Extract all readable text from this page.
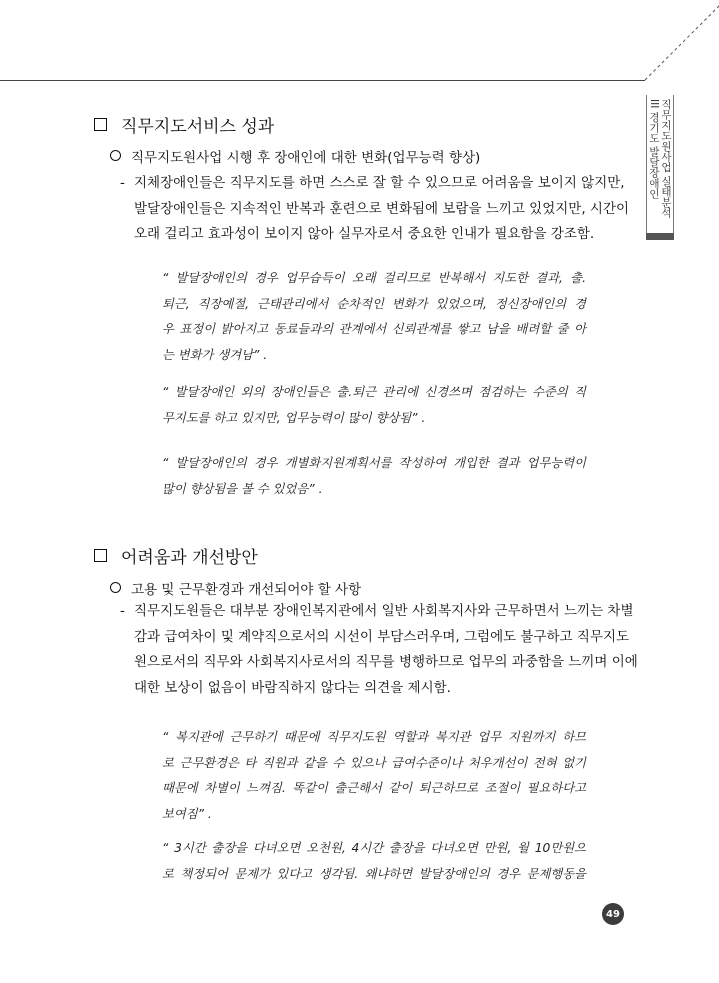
직무지도원사업 실태분석
III 경기도 발달장애인
직무지도서비스 성과
직무지도원사업 시행 후 장애인에 대한 변화(업무능력 향상)
- 지체장애인들은 직무지도를 하면 스스로 잘 할 수 있으므로 어려움을 보이지 않지만,
발달장애인들은 지속적인 반복과 훈련으로 변화됨에 보람을 느끼고 있었지만, 시간이
오래 걸리고 효과성이 보이지 않아 실무자로서 중요한 인내가 필요함을 강조함.
“ 발달장애인의 경우 업무습득이 오래 걸리므로 반복해서 지도한 결과, 출.
퇴근, 직장예절, 근태관리에서 순차적인 변화가 있었으며, 정신장애인의 경
우 표정이 밝아지고 동료들과의 관계에서 신뢰관계를 쌓고 남을 배려할 줄 아
는 변화가 생겨남” .
“ 발달장애인 외의 장애인들은 출.퇴근 관리에 신경쓰며 점검하는 수준의 직
무지도를 하고 있지만, 업무능력이 많이 향상됨” .
“ 발달장애인의 경우 개별화지원계획서를 작성하여 개입한 결과 업무능력이
많이 향상됨을 볼 수 있었음” .
어려움과 개선방안
고용 및 근무환경과 개선되어야 할 사항
- 직무지도원들은 대부분 장애인복지관에서 일반 사회복지사와 근무하면서 느끼는 차별
감과 급여차이 및 계약직으로서의 시선이 부담스러우며, 그럼에도 불구하고 직무지도
원으로서의 직무와 사회복지사로서의 직무를 병행하므로 업무의 과중함을 느끼며 이에
대한 보상이 없음이 바람직하지 않다는 의견을 제시함.
“ 복지관에 근무하기 때문에 직무지도원 역할과 복지관 업무 지원까지 하므
로 근무환경은 타 직원과 같을 수 있으나 급여수준이나 처우개선이 전혀 없기
때문에 차별이 느껴짐. 똑같이 출근해서 같이 퇴근하므로 조절이 필요하다고
보여짐” .
“ 3시간 출장을 다녀오면 오천원, 4시간 출장을 다녀오면 만원, 월 10만원으
로 책정되어 문제가 있다고 생각됨. 왜냐하면 발달장애인의 경우 문제행동을
49
